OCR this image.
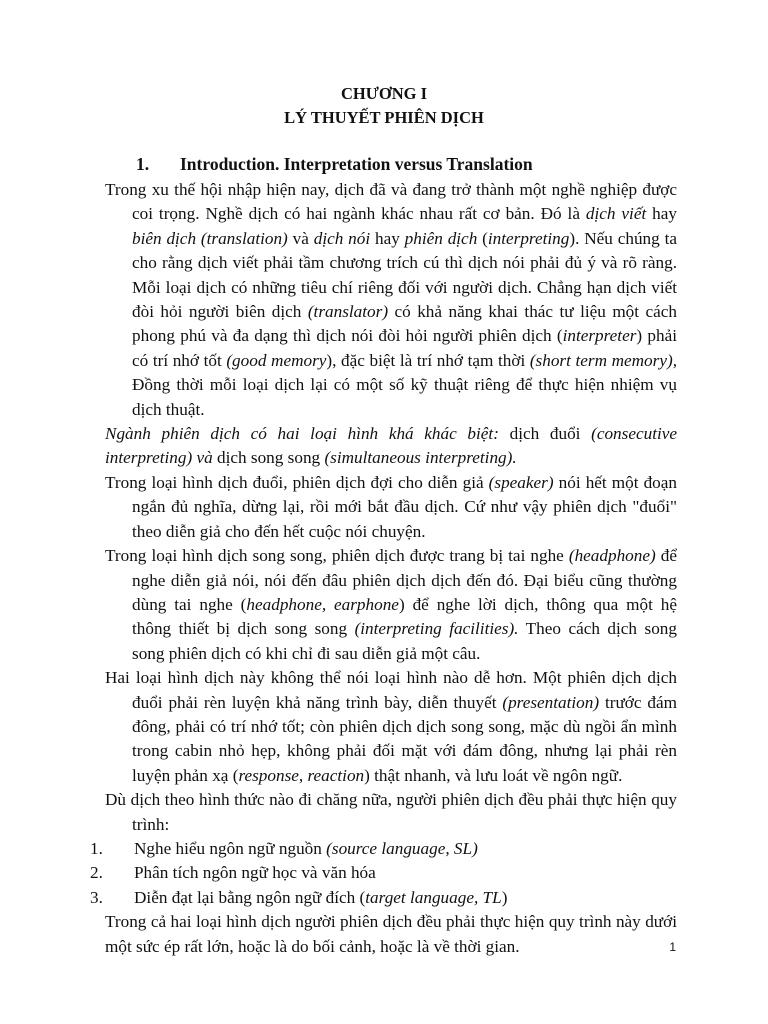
CHƯƠNG I
LÝ THUYẾT PHIÊN DỊCH
1. Introduction. Interpretation versus Translation

Trong xu thế hội nhập hiện nay, dịch đã và đang trở thành một nghề nghiệp được coi trọng. Nghề dịch có hai ngành khác nhau rất cơ bản. Đó là dịch viết hay biên dịch (translation) và dịch nói hay phiên dịch (interpreting). Nếu chúng ta cho rằng dịch viết phải tầm chương trích cú thì dịch nói phải đủ ý và rõ ràng. Mỗi loại dịch có những tiêu chí riêng đối với người dịch. Chẳng hạn dịch viết đòi hỏi người biên dịch (translator) có khả năng khai thác tư liệu một cách phong phú và đa dạng thì dịch nói đòi hỏi người phiên dịch (interpreter) phải có trí nhớ tốt (good memory), đặc biệt là trí nhớ tạm thời (short term memory), Đồng thời mỗi loại dịch lại có một số kỹ thuật riêng để thực hiện nhiệm vụ dịch thuật.

Ngành phiên dịch có hai loại hình khá khác biệt: dịch đuổi (consecutive interpreting) và dịch song song (simultaneous interpreting).

Trong loại hình dịch đuổi, phiên dịch đợi cho diễn giả (speaker) nói hết một đoạn ngắn đủ nghĩa, dừng lại, rồi mới bắt đầu dịch. Cứ như vậy phiên dịch "đuổi" theo diễn giả cho đến hết cuộc nói chuyện.

Trong loại hình dịch song song, phiên dịch được trang bị tai nghe (headphone) để nghe diễn giả nói, nói đến đâu phiên dịch dịch đến đó. Đại biểu cũng thường dùng tai nghe (headphone, earphone) để nghe lời dịch, thông qua một hệ thông thiết bị dịch song song (interpreting facilities). Theo cách dịch song song phiên dịch có khi chỉ đi sau diễn giả một câu.

Hai loại hình dịch này không thể nói loại hình nào dễ hơn. Một phiên dịch dịch đuổi phải rèn luyện khả năng trình bày, diễn thuyết (presentation) trước đám đông, phải có trí nhớ tốt; còn phiên dịch dịch song song, mặc dù ngồi ẩn mình trong cabin nhỏ hẹp, không phải đối mặt với đám đông, nhưng lại phải rèn luyện phản xạ (response, reaction) thật nhanh, và lưu loát về ngôn ngữ.

Dù dịch theo hình thức nào đi chăng nữa, người phiên dịch đều phải thực hiện quy trình:

1.	Nghe hiểu ngôn ngữ nguồn (source language, SL)
2.	Phân tích ngôn ngữ học và văn hóa
3.	Diễn đạt lại bằng ngôn ngữ đích (target language, TL)

Trong cả hai loại hình dịch người phiên dịch đều phải thực hiện quy trình này dưới một sức ép rất lớn, hoặc là do bối cảnh, hoặc là về thời gian.	1
